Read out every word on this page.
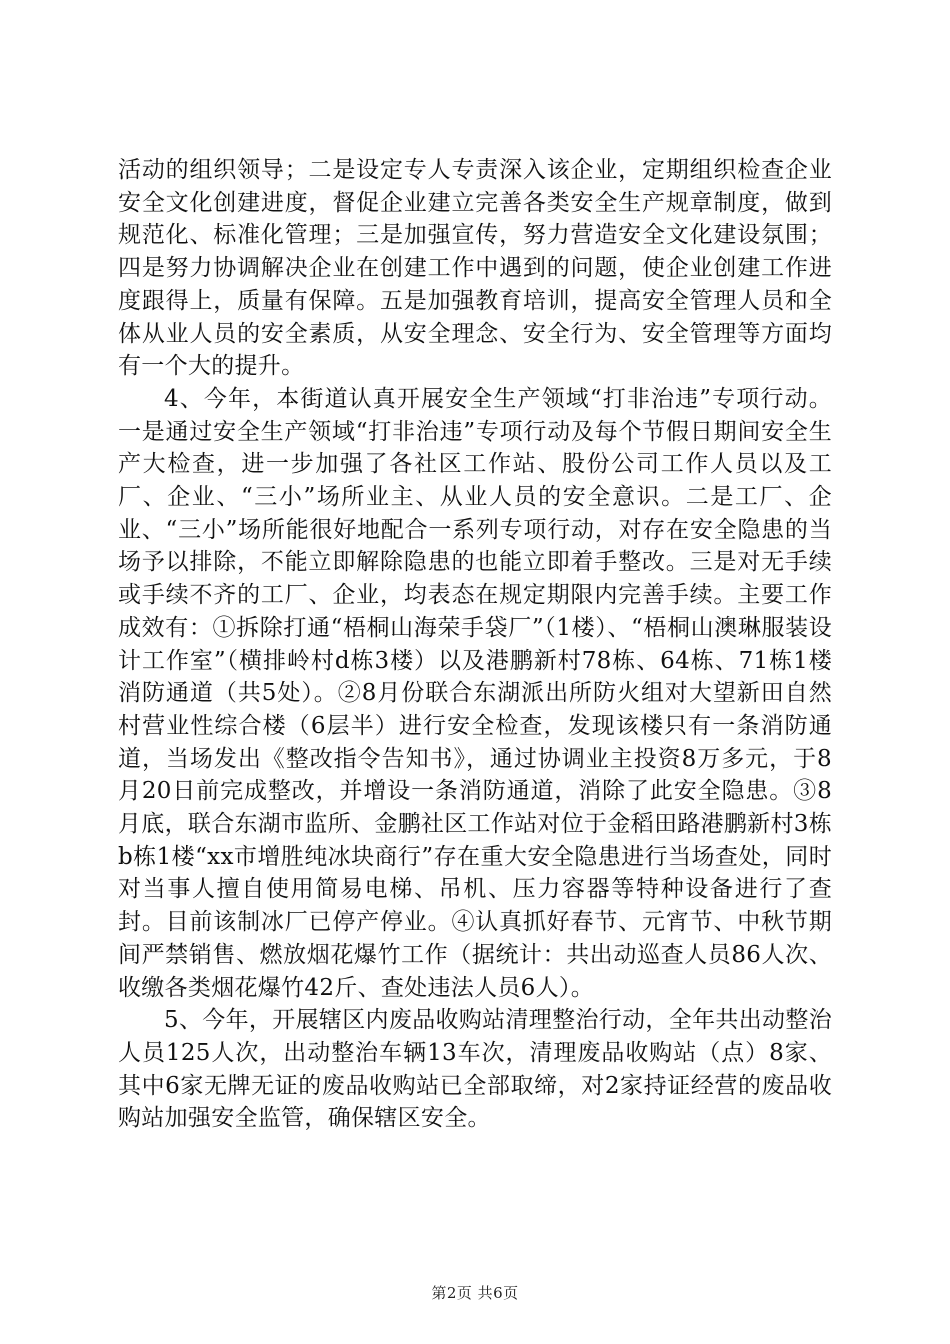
活动的组织领导；二是设定专人专责深入该企业，定期组织检查企业安全文化创建进度，督促企业建立完善各类安全生产规章制度，做到规范化、标准化管理；三是加强宣传，努力营造安全文化建设氛围；四是努力协调解决企业在创建工作中遇到的问题，使企业创建工作进度跟得上，质量有保障。五是加强教育培训，提高安全管理人员和全体从业人员的安全素质，从安全理念、安全行为、安全管理等方面均有一个大的提升。

4、今年，本街道认真开展安全生产领域“打非治违”专项行动。一是通过安全生产领域“打非治违”专项行动及每个节假日期间安全生产大检查，进一步加强了各社区工作站、股份公司工作人员以及工厂、企业、“三小”场所业主、从业人员的安全意识。二是工厂、企业、“三小”场所能很好地配合一系列专项行动，对存在安全隐患的当场予以排除，不能立即解除隐患的也能立即着手整改。三是对无手续或手续不齐的工厂、企业，均表态在规定期限内完善手续。主要工作成效有：①拆除打通“梧桐山海荣手袋厂”（1楼）、“梧桐山澳琳服装设计工作室”（横排岭村d栋3楼）以及港鹏新村78栋、64栋、71栋1楼消防通道（共5处）。②8月份联合东湖派出所防火组对大望新田自然村营业性综合楼（6层半）进行安全检查，发现该楼只有一条消防通道，当场发出《整改指令告知书》，通过协调业主投资8万多元，于8月20日前完成整改，并增设一条消防通道，消除了此安全隐患。③8月底，联合东湖市监所、金鹏社区工作站对位于金稻田路港鹏新村3栋b栋1楼“xx市增胜纯冰块商行”存在重大安全隐患进行当场查处，同时对当事人擅自使用简易电梯、吊机、压力容器等特种设备进行了查封。目前该制冰厂已停产停业。④认真抓好春节、元宵节、中秋节期间严禁销售、燃放烟花爆竹工作（据统计：共出动巡查人员86人次、收缴各类烟花爆竹42斤、查处违法人员6人）。

5、今年，开展辖区内废品收购站清理整治行动，全年共出动整治人员125人次，出动整治车辆13车次，清理废品收购站（点）8家、其中6家无牌无证的废品收购站已全部取缔，对2家持证经营的废品收购站加强安全监管，确保辖区安全。

第2页 共6页
